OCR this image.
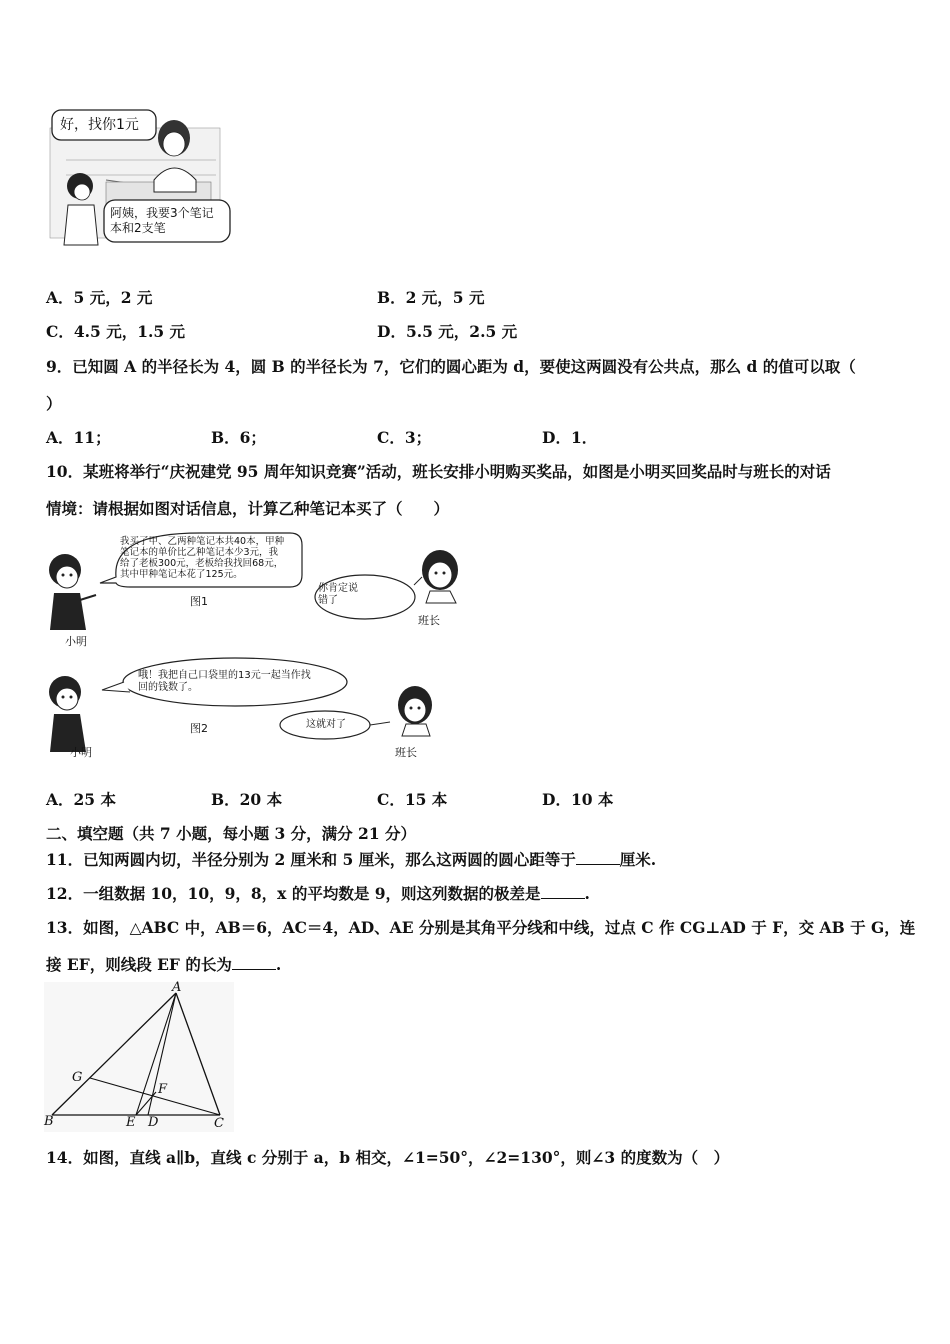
好，找你1元
阿姨，我要3个笔记
本和2支笔
A．5 元，2 元	B．2 元，5 元
C．4.5 元，1.5 元	D．5.5 元，2.5 元
9．已知圆 A 的半径长为 4，圆 B 的半径长为 7，它们的圆心距为 d，要使这两圆没有公共点，那么 d 的值可以取（
）
A．11；	B．6；	C．3；	D．1．
10．某班将举行“庆祝建党 95 周年知识竞赛”活动，班长安排小明购买奖品，如图是小明买回奖品时与班长的对话
情境：请根据如图对话信息，计算乙种笔记本买了（　　）
我买了甲、乙两种笔记本共40本，甲种
笔记本的单价比乙种笔记本少3元，我
给了老板300元，老板给我找回68元，
其中甲种笔记本花了125元。
你肯定说
错了
图1
小明
班长
哦！我把自己口袋里的13元一起当作找
回的钱数了。
这就对了
图2
小明	班长
A．25 本	B．20 本	C．15 本	D．10 本
二、填空题（共 7 小题，每小题 3 分，满分 21 分）
11．已知两圆内切，半径分别为 2 厘米和 5 厘米，那么这两圆的圆心距等于	厘米.
12．一组数据 10，10，9，8，x 的平均数是 9，则这列数据的极差是	.
13．如图，△ABC 中，AB＝6，AC＝4，AD、AE 分别是其角平分线和中线，过点 C 作 CG⊥AD 于 F，交 AB 于 G，连
接 EF，则线段 EF 的长为	.
A
B	C
D
E
F
G
14．如图，直线 a∥b，直线 c 分别于 a，b 相交，∠1=50°，∠2=130°，则∠3 的度数为（　）
